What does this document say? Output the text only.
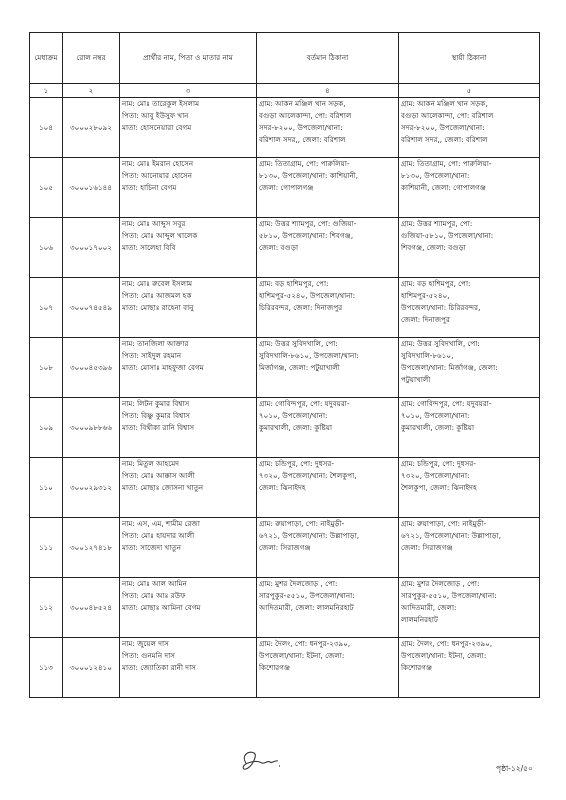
মেধাক্রম	রোল নম্বর	প্রার্থীর নাম, পিতা ও মাতার নাম	বর্তমান ঠিকানা	স্থায়ী ঠিকানা
১	২	৩	৪	৫
১০৪	৩০০০২৮০৯২	নাম: মোঃ তারেকুল ইসলাম
পিতা: আবু ইউসুফ খান
মাতা: হোসনেয়ারা বেগম	গ্রাম: আকন মঞ্জিল খান সড়ক,
বগুড়া আলেকান্দা, পো: বরিশাল
সদর-৮২০০, উপজেলা/থানা:
বরিশাল সদর,, জেলা: বরিশাল	গ্রাম: আকন মঞ্জিল খান সড়ক,
বগুড়া আলেকান্দা, পো: বরিশাল
সদর-৮২০০, উপজেলা/থানা:
বরিশাল সদর,, জেলা: বরিশাল

১০৫	৩০০০১৬১৪৪	নাম: মোঃ ইমরান হোসেন
পিতা: আনোয়ার হোসেন
মাতা: হাচিনা বেগম	গ্রাম: তিতাগ্রাম, পো: পারুলিয়া-
৮১৩০, উপজেলা/থানা: কাশিয়ানী,
জেলা: গোপালগঞ্জ	গ্রাম: তিতাগ্রাম, পো: পারুলিয়া-
৮১৩০, উপজেলা/থানা:
কাশিয়ানী, জেলা: গোপালগঞ্জ

১০৬	৩০০০১৭০০২	নাম: মোঃ আব্দুস সবুর
পিতা: মোঃ আব্দুল খালেক
মাতা: সালেহা বিবি	গ্রাম: উত্তর শ্যামপুর, পো: গুজিয়া-
৫৮১০, উপজেলা/থানা: শিবগঞ্জ,
জেলা: বগুড়া	গ্রাম: উত্তর শ্যামপুর, পো:
গুজিয়া-৫৮১০, উপজেলা/থানা:
শিবগঞ্জ, জেলা: বগুড়া

১০৭	৩০০০৭৪৫৪৯	নাম: মোঃ রুবেল ইসলাম
পিতা: মোঃ আজমল হক
মাতা: মোছাঃ রাহেনা বানু	গ্রাম: বড় হাশিমপুর, পো:
হাশিমপুর-৫২৪০, উপজেলা/থানা:
চিরিরবন্দর, জেলা: দিনাজপুর	গ্রাম: বড় হাশিমপুর, পো:
হাশিমপুর-৫২৪০,
উপজেলা/থানা: চিরিরবন্দর,
জেলা: দিনাজপুর

১০৮	৩০০০৪৫৩৯৬	নাম: তানজিলা আক্তার
পিতা: সাইদুল রহমান
মাতা: মোসাঃ মাহফুজা বেগম	গ্রাম: উত্তর সুবিদখালি, পো:
সুবিদখালি-৮৬১০, উপজেলা/থানা:
মির্জাগঞ্জ, জেলা: পটুয়াখালী	গ্রাম: উত্তর সুবিদখালি, পো:
সুবিদখালি-৮৬১০,
উপজেলা/থানা: মির্জাগঞ্জ, জেলা:
পটুয়াখালী

১০৯	৩০০০৯৮৮৬৬	নাম: লিটন কুমার বিশ্বাস
পিতা: বিষ্ণু কুমার বিশ্বাস
মাতা: বিথীকা রানি বিশ্বাস	গ্রাম: গোবিন্দপুর, পো: যদুবয়রা-
৭০১০, উপজেলা/থানা:
কুমারখালী, জেলা: কুষ্টিয়া	গ্রাম: গোবিন্দপুর, পো: যদুবয়রা-
৭০১০, উপজেলা/থানা:
কুমারখালী, জেলা: কুষ্টিয়া

১১০	৩০০০২৯৩১২	নাম: মিতুল আহমেদ
পিতা: মোঃ আক্কাস আলী
মাতা: মোছাঃ জোসনা খাতুন	গ্রাম: চন্ডিপুর, পো: দুধসর-
৭৩২০, উপজেলা/থানা: শৈলকুপা,
জেলা: ঝিনাইদহ	গ্রাম: চন্ডিপুর, পো: দুধসর-
৭৩২০, উপজেলা/থানা:
শৈলকুপা, জেলা: ঝিনাইদহ

১১১	৩০০১২৭৪১৮	নাম: এস, এম, শামীম রেজা
পিতা: মোঃ হায়দার আলী
মাতা: সাজেদা খাতুন	গ্রাম: রুয়াপাড়া, পো: নাইমুড়ী-
৬৭২১, উপজেলা/থানা: উল্লাপাড়া,
জেলা: সিরাজগঞ্জ	গ্রাম: রুয়াপাড়া, পো: নাইমুড়ী-
৬৭২১, উপজেলা/থানা: উল্লাপাড়া,
জেলা: সিরাজগঞ্জ

১১২	৩০০০৪৮৫২৪	নাম: মোঃ আল আমিন
পিতা: মোঃ আঃ রউফ
মাতা: মোছাঃ আমিনা বেগম	গ্রাম: মুশর দৈলজোড় , পো:
সারপুকুর-৫৫১০, উপজেলা/থানা:
আদিতমারী, জেলা: লালমনিরহাট	গ্রাম: মুশর দৈলজোড় , পো:
সারপুকুর-৫৫১০, উপজেলা/থানা:
আদিতমারী, জেলা:
লালমনিরহাট

১১৩	৩০০০১২৪১০	নাম: জুয়েল দাস
পিতা: গুনমনি দাস
মাতা: জ্যোতিকা রানী দাস	গ্রাম: দৈলং, পো: ধনপুর-২৩৯০,
উপজেলা/থানা: ইটনা, জেলা:
কিশোরগঞ্জ	গ্রাম: দৈলং, পো: ধনপুর-২৩৯০,
উপজেলা/থানা: ইটনা, জেলা:
কিশোরগঞ্জ
পৃষ্ঠা-১২/৫০
